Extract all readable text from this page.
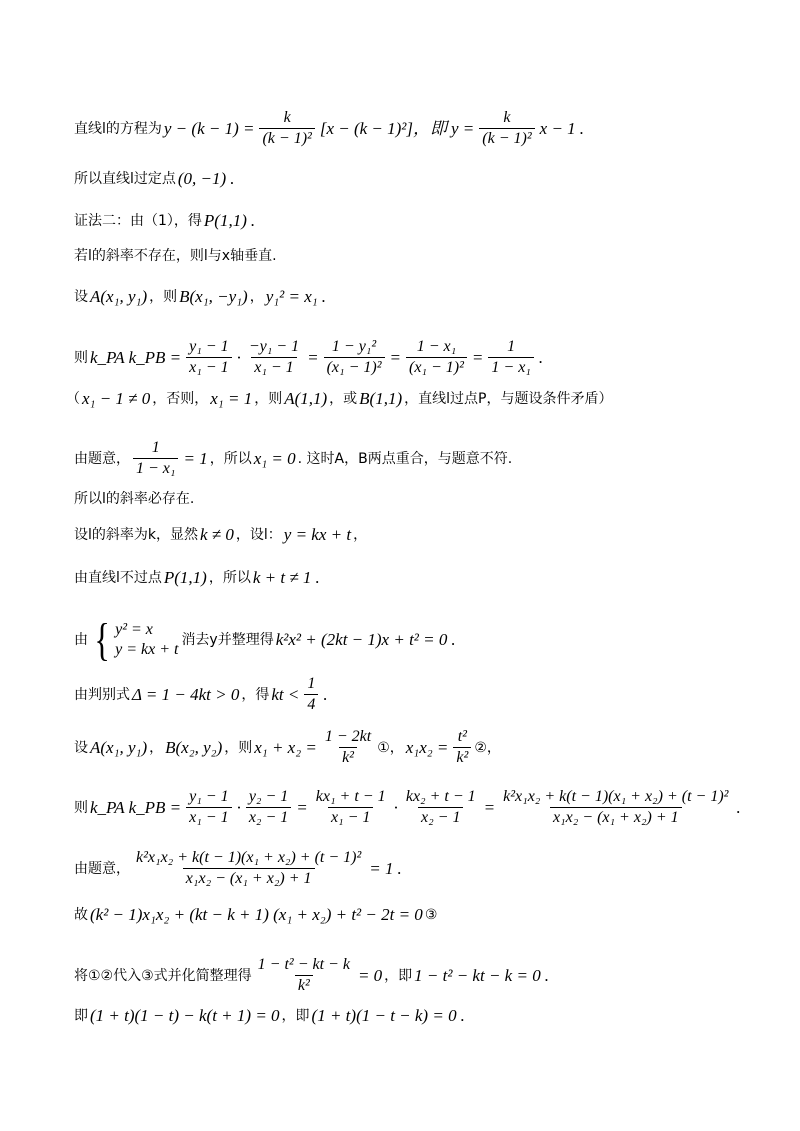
直线l的方程为 $y - (k - 1) = \frac{k}{\text{(k − 1)²}} [x - (k - 1)^2]$，即 $y = \frac{k}{\text{(k − 1)²}}$ x − 1 .
所以直线l过定点 (0, −1) .
证法二：由（1），得 P(1,1) .
若l的斜率不存在，则l与x轴垂直.
设 A(x₁, y₁) ，则 B(x₁, −y₁) ， y₁² = x₁ .
则 k_PA k_PB = $\frac{\text{y₁ − 1}}{\text{x₁ − 1}} \cdot \frac{\text{−y₁ − 1}}{\text{x₁ − 1}} = \frac{\text{1 − y₁²}}{\text{(x₁ − 1)²}} = \frac{\text{1 − x₁}}{\text{(x₁ − 1)²}} = \frac{1}{\text{1 − x₁}}$ .
（ x₁ − 1 ≠ 0 ，否则， x₁ = 1 ，则 A(1,1) ，或 B(1,1) ，直线l过点P，与题设条件矛盾）
由题意， $\frac{1}{\text{1 − x₁}} = 1$ ，所以 x₁ = 0 . 这时A，B两点重合，与题意不符.
所以l的斜率必存在.
设l的斜率为k，显然 k ≠ 0 ，设l： y = kx + t ，
由直线l不过点 P(1,1) ，所以 k + t ≠ 1 .
由 { y² = x
y = kx + t
消去y并整理得 k²x² + (2kt − 1)x + t² = 0 .
由判别式 Δ = 1 − 4kt > 0 ，得 kt < $\frac{1}{4}$ .
设 A(x₁, y₁) ， B(x₂, y₂) ，则 $x_1 + x_2 = \frac{1 - 2kt}{\text{k²}}$ ①， $x_1x_2 = \frac{\text{t²}}{\text{k²}}$ ②，
则 k_PA k_PB = $\frac{\text{y₁ − 1}}{\text{x₁ − 1}} \cdot \frac{\text{y₂ − 1}}{\text{x₂ − 1}} = \frac{\text{kx₁ + t − 1}}{\text{x₁ − 1}} \cdot \frac{\text{kx₂ + t − 1}}{\text{x₂ − 1}} = \frac{\text{k²x₁x₂ + k(t − 1)(x₁ + x₂) + (t − 1)²}}{\text{x₁x₂ − (x₁ + x₂) + 1}}$ .
由题意， $\frac{\text{k²x₁x₂ + k(t − 1)(x₁ + x₂) + (t − 1)²}}{\text{x₁x₂ − (x₁ + x₂) + 1}} = 1$ .
故 (k² − 1)x₁x₂ + (kt − k + 1) (x₁ + x₂) + t² − 2t = 0 ③
将①②代入③式并化简整理得 $\frac{\text{1 − t² − kt − k}}{\text{k²}} = 0$ ，即 1 − t² − kt − k = 0 .
即 (1 + t)(1 − t) − k(t + 1) = 0 ，即 (1 + t)(1 − t − k) = 0 .
